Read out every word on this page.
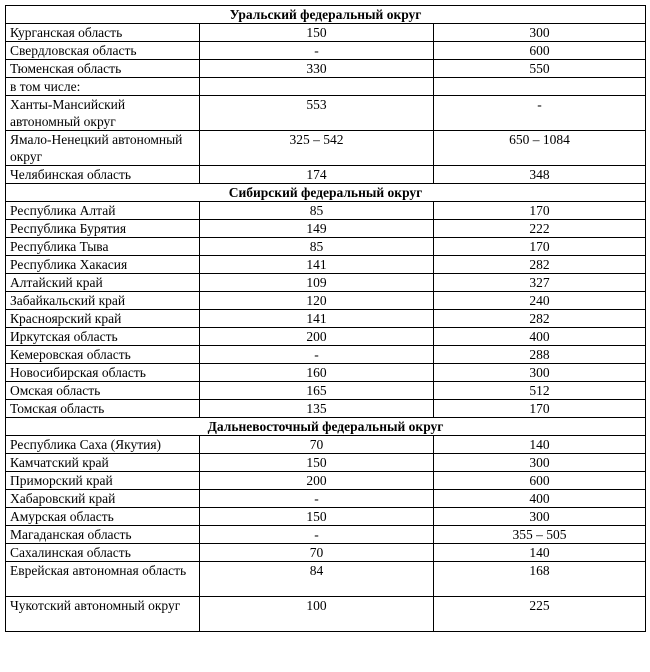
Уральский федеральный округ		
Курганская область	150	300
Свердловская область	-	600
Тюменская область	330	550
в том числе:		
Ханты-Мансийский автономный округ	553	-
Ямало-Ненецкий автономный округ	325 – 542	650 – 1084
Челябинская область	174	348
Сибирский федеральный округ		
Республика Алтай	85	170
Республика Бурятия	149	222
Республика Тыва	85	170
Республика Хакасия	141	282
Алтайский край	109	327
Забайкальский край	120	240
Красноярский край	141	282
Иркутская область	200	400
Кемеровская область	-	288
Новосибирская область	160	300
Омская область	165	512
Томская область	135	170
Дальневосточный федеральный округ		
Республика Саха (Якутия)	70	140
Камчатский край	150	300
Приморский край	200	600
Хабаровский край	-	400
Амурская область	150	300
Магаданская область	-	355 – 505
Сахалинская область	70	140
Еврейская автономная область	84	168
Чукотский автономный округ	100	225
